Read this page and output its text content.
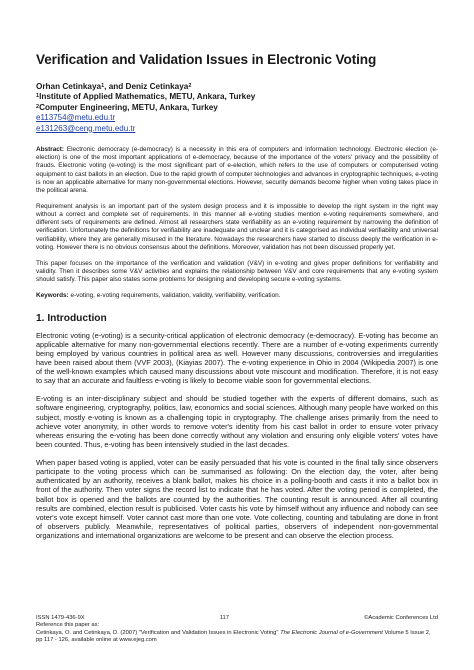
Verification and Validation Issues in Electronic Voting
Orhan Cetinkaya$^1$, and Deniz Cetinkaya$^2$
$^1$Institute of Applied Mathematics, METU, Ankara, Turkey
$^2$Computer Engineering, METU, Ankara, Turkey
e113754@metu.edu.tr
e131263@ceng.metu.edu.tr

Abstract: Electronic democracy (e-democracy) is a necessity in this era of computers and information technology. Electronic election (e-election) is one of the most important applications of e-democracy, because of the importance of the voters' privacy and the possibility of frauds. Electronic voting (e-voting) is the most significant part of e-election, which refers to the use of computers or computerised voting equipment to cast ballots in an election. Due to the rapid growth of computer technologies and advances in cryptographic techniques, e-voting is now an applicable alternative for many non-governmental elections. However, security demands become higher when voting takes place in the political arena.

Requirement analysis is an important part of the system design process and it is impossible to develop the right system in the right way without a correct and complete set of requirements. In this manner all e-voting studies mention e-voting requirements somewhere, and different sets of requirements are defined. Almost all researchers state verifiability as an e-voting requirement by narrowing the definition of verification. Unfortunately the definitions for verifiability are inadequate and unclear and it is categorised as individual verifiability and universal verifiability, where they are generally misused in the literature. Nowadays the researchers have started to discuss deeply the verification in e-voting. However there is no obvious consensus about the definitions. Moreover, validation has not been discussed properly yet.

This paper focuses on the importance of the verification and validation (V&V) in e-voting and gives proper definitions for verifiability and validity. Then it describes some V&V activities and explains the relationship between V&V and core requirements that any e-voting system should satisfy. This paper also states some problems for designing and developing secure e-voting systems.

Keywords: e-voting, e-voting requirements, validation, validity, verifiability, verification.
1. Introduction

Electronic voting (e-voting) is a security-critical application of electronic democracy (e-democracy). E-voting has become an applicable alternative for many non-governmental elections recently. There are a number of e-voting experiments currently being employed by various countries in political area as well. However many discussions, controversies and irregularities have been raised about them (VVF 2003), (Kiayias 2007). The e-voting experience in Ohio in 2004 (Wikipedia 2007) is one of the well-known examples which caused many discussions about vote miscount and modification. Therefore, it is not easy to say that an accurate and faultless e-voting is likely to become viable soon for governmental elections.

E-voting is an inter-disciplinary subject and should be studied together with the experts of different domains, such as software engineering, cryptography, politics, law, economics and social sciences. Although many people have worked on this subject, mostly e-voting is known as a challenging topic in cryptography. The challenge arises primarily from the need to achieve voter anonymity, in other words to remove voter's identity from his cast ballot in order to ensure voter privacy whereas ensuring the e-voting has been done correctly without any violation and ensuring only eligible voters' votes have been counted. Thus, e-voting has been intensively studied in the last decades.

When paper based voting is applied, voter can be easily persuaded that his vote is counted in the final tally since observers participate to the voting process which can be summarised as following: On the election day, the voter, after being authenticated by an authority, receives a blank ballot, makes his choice in a polling-booth and casts it into a ballot box in front of the authority. Then voter signs the record list to indicate that he has voted. After the voting period is completed, the ballot box is opened and the ballots are counted by the authorities. The counting result is announced. After all counting results are combined, election result is publicised. Voter casts his vote by himself without any influence and nobody can see voter's vote except himself. Voter cannot cast more than one vote. Vote collecting, counting and tabulating are done in front of observers publicly. Meanwhile, representatives of political parties, observers of independent non-governmental organizations and international organizations are welcome to be present and can observe the election process.

ISSN 1479-436-9X	117	©Academic Conferences Ltd
Reference this paper as:
Cetinkaya, O. and Cetinkaya, D. (2007) "Verification and Validation Issues in Electronic Voting" The Electronic Journal of e-Government Volume 5 Issue 2, pp 117 - 126, available online at www.ejeg.com
